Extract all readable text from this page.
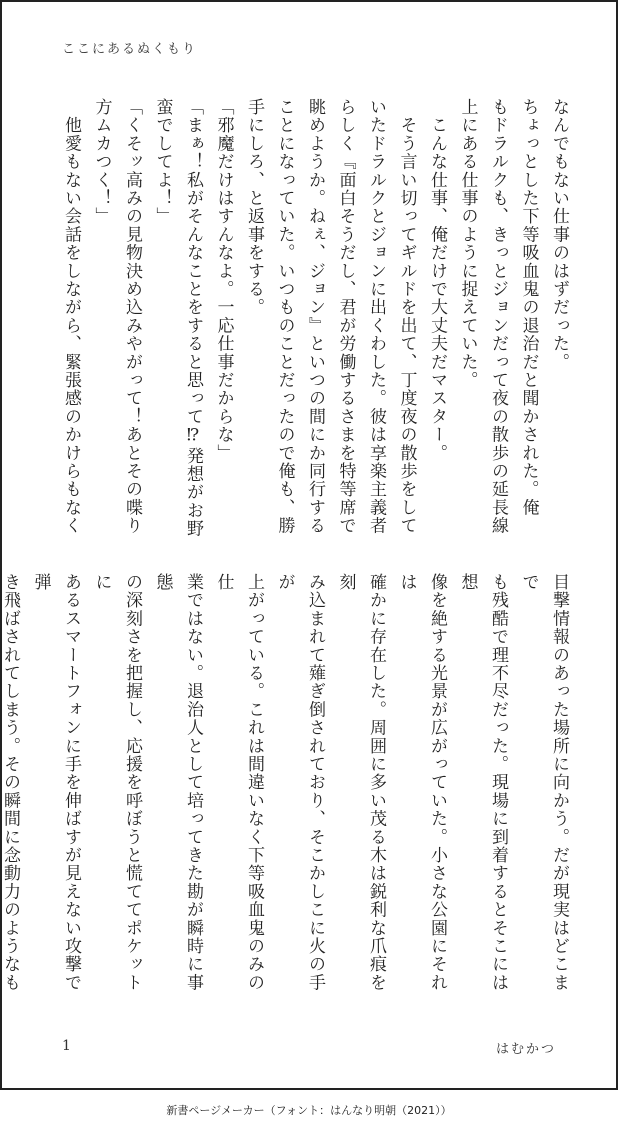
ここにあるぬくもり

なんでもない仕事のはずだった。

ちょっとした下等吸血鬼の退治だと聞かされた。俺

もドラルクも、きっとジョンだって夜の散歩の延長線

上にある仕事のように捉えていた。

　こんな仕事、俺だけで大丈夫だマスター。

　そう言い切ってギルドを出て、丁度夜の散歩をして

いたドラルクとジョンに出くわした。彼は享楽主義者

らしく『面白そうだし、君が労働するさまを特等席で

眺めようか。ねぇ、ジョン』といつの間にか同行する

ことになっていた。いつものことだったので俺も、勝

手にしろ、と返事をする。

「邪魔だけはすんなよ。一応仕事だからな」

「まぁ！私がそんなことをすると思って⁉発想がお野

蛮でしてよ！」

「くそッ高みの見物決め込みやがって！あとその喋り

方ムカつく！」

　他愛もない会話をしながら、緊張感のかけらもなく

目撃情報のあった場所に向かう。だが現実はどこまで

も残酷で理不尽だった。現場に到着するとそこには想

像を絶する光景が広がっていた。小さな公園にそれは

確かに存在した。周囲に多い茂る木は鋭利な爪痕を刻

み込まれて薙ぎ倒されており、そこかしこに火の手が

上がっている。これは間違いなく下等吸血鬼のみの仕

業ではない。退治人として培ってきた勘が瞬時に事態

の深刻さを把握し、応援を呼ぼうと慌ててポケットに

あるスマートフォンに手を伸ばすが見えない攻撃で弾

き飛ばされてしまう。その瞬間に念動力のようなも

1	はむかつ
新書ページメーカー（フォント：はんなり明朝（2021））
